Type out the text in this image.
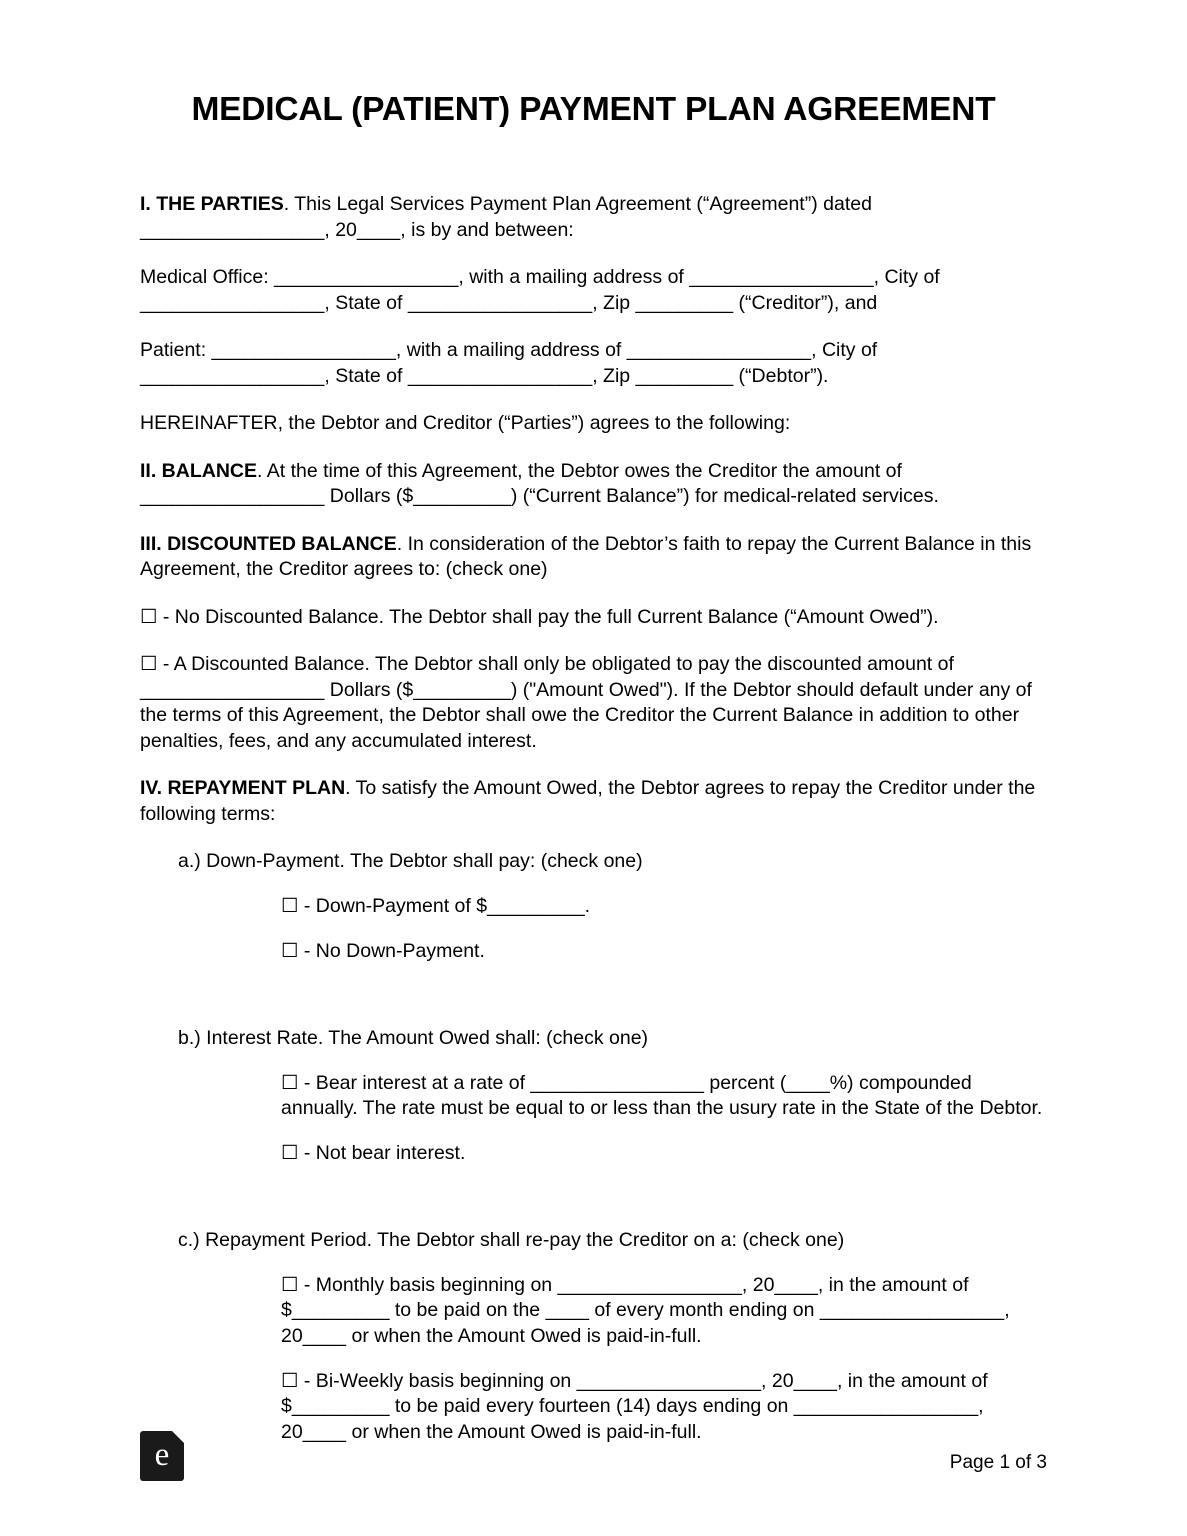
MEDICAL (PATIENT) PAYMENT PLAN AGREEMENT

I. THE PARTIES. This Legal Services Payment Plan Agreement (“Agreement”) dated _________________, 20____, is by and between:

Medical Office: _________________, with a mailing address of _________________, City of _________________, State of _________________, Zip _________ (“Creditor”), and

Patient: _________________, with a mailing address of _________________, City of _________________, State of _________________, Zip _________ (“Debtor”).

HEREINAFTER, the Debtor and Creditor (“Parties”) agrees to the following:

II. BALANCE. At the time of this Agreement, the Debtor owes the Creditor the amount of _________________ Dollars ($_________) (“Current Balance”) for medical-related services.

III. DISCOUNTED BALANCE. In consideration of the Debtor’s faith to repay the Current Balance in this Agreement, the Creditor agrees to: (check one)

☐ - No Discounted Balance. The Debtor shall pay the full Current Balance (“Amount Owed”).

☐ - A Discounted Balance. The Debtor shall only be obligated to pay the discounted amount of _________________ Dollars ($_________) ("Amount Owed"). If the Debtor should default under any of the terms of this Agreement, the Debtor shall owe the Creditor the Current Balance in addition to other penalties, fees, and any accumulated interest.

IV. REPAYMENT PLAN. To satisfy the Amount Owed, the Debtor agrees to repay the Creditor under the following terms:

a.) Down-Payment. The Debtor shall pay: (check one)

☐ - Down-Payment of $_________.

☐ - No Down-Payment.

b.) Interest Rate. The Amount Owed shall: (check one)

☐ - Bear interest at a rate of ________________ percent (____%) compounded annually. The rate must be equal to or less than the usury rate in the State of the Debtor.

☐ - Not bear interest.

c.) Repayment Period. The Debtor shall re-pay the Creditor on a: (check one)

☐ - Monthly basis beginning on _________________, 20____, in the amount of $_________ to be paid on the ____ of every month ending on _________________, 20____ or when the Amount Owed is paid-in-full.

☐ - Bi-Weekly basis beginning on _________________, 20____, in the amount of $_________ to be paid every fourteen (14) days ending on _________________, 20____ or when the Amount Owed is paid-in-full.

e
Page 1 of 3
